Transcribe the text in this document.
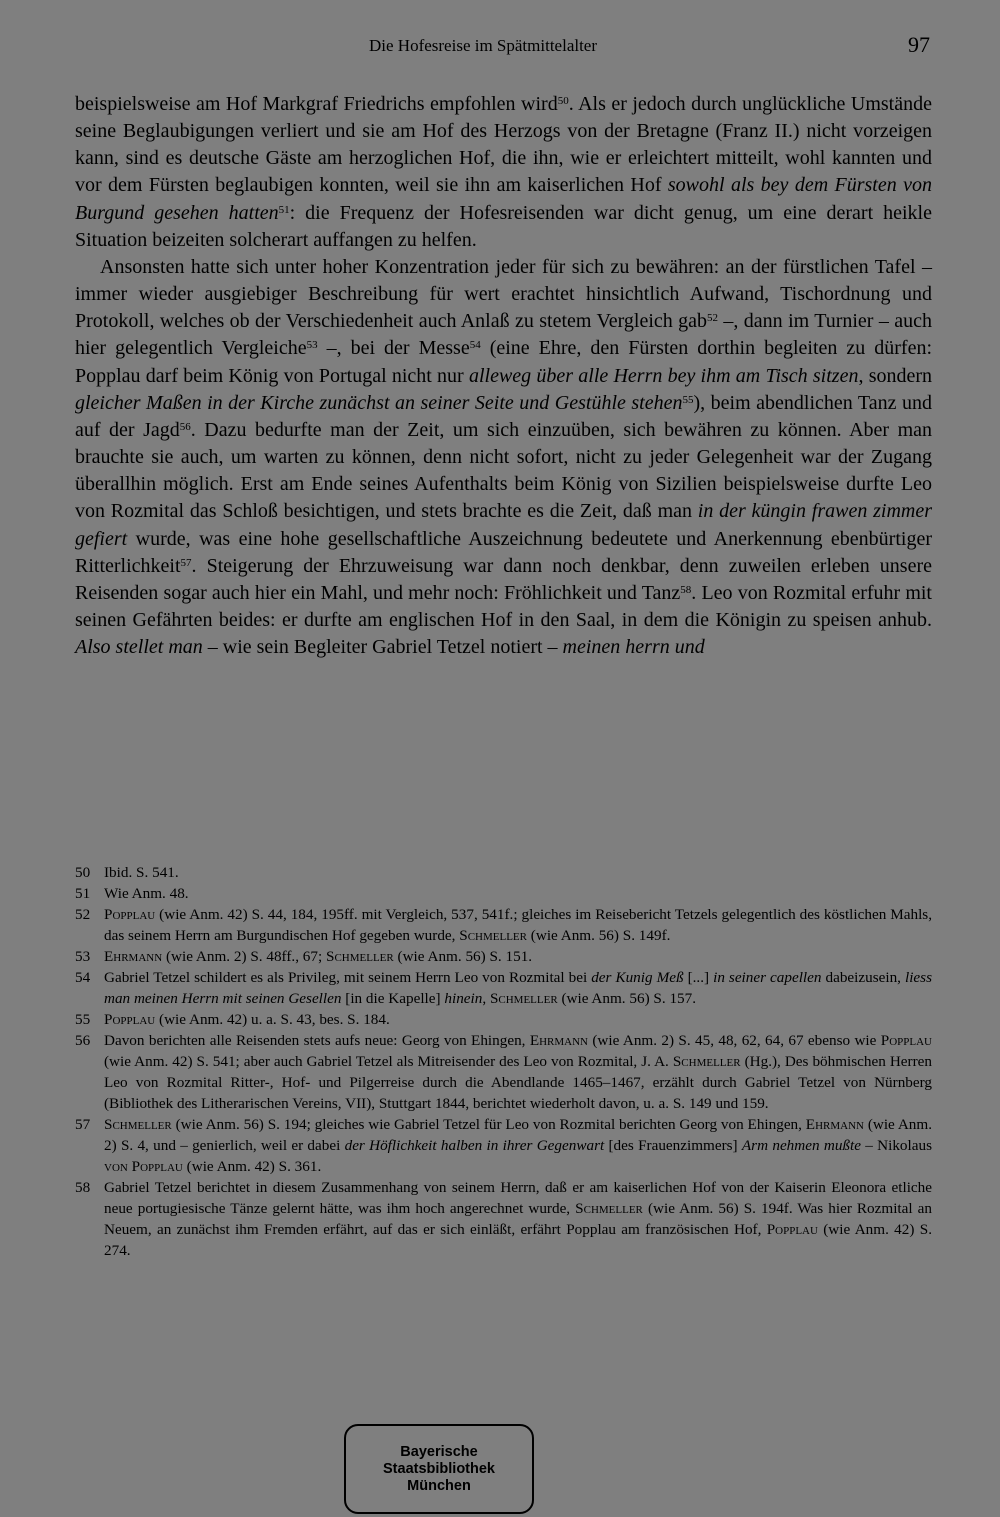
Die Hofesreise im Spätmittelalter	97

beispielsweise am Hof Markgraf Friedrichs empfohlen wird$^{50}$. Als er jedoch durch unglückliche Umstände seine Beglaubigungen verliert und sie am Hof des Herzogs von der Bretagne (Franz II.) nicht vorzeigen kann, sind es deutsche Gäste am herzoglichen Hof, die ihn, wie er erleichtert mitteilt, wohl kannten und vor dem Fürsten beglaubigen konnten, weil sie ihn am kaiserlichen Hof sowohl als bey dem Fürsten von Burgund gesehen hatten$^{51}$: die Frequenz der Hofesreisenden war dicht genug, um eine derart heikle Situation beizeiten solcherart auffangen zu helfen.

Ansonsten hatte sich unter hoher Konzentration jeder für sich zu bewähren: an der fürstlichen Tafel – immer wieder ausgiebiger Beschreibung für wert erachtet hinsichtlich Aufwand, Tischordnung und Protokoll, welches ob der Verschiedenheit auch Anlaß zu stetem Vergleich gab$^{52}$ –, dann im Turnier – auch hier gelegentlich Vergleiche$^{53}$ –, bei der Messe$^{54}$ (eine Ehre, den Fürsten dorthin begleiten zu dürfen: Popplau darf beim König von Portugal nicht nur alleweg über alle Herrn bey ihm am Tisch sitzen, sondern gleicher Maßen in der Kirche zunächst an seiner Seite und Gestühle stehen$^{55}$), beim abendlichen Tanz und auf der Jagd$^{56}$. Dazu bedurfte man der Zeit, um sich einzuüben, sich bewähren zu können. Aber man brauchte sie auch, um warten zu können, denn nicht sofort, nicht zu jeder Gelegenheit war der Zugang überallhin möglich. Erst am Ende seines Aufenthalts beim König von Sizilien beispielsweise durfte Leo von Rozmital das Schloß besichtigen, und stets brachte es die Zeit, daß man in der küngin frawen zimmer gefiert wurde, was eine hohe gesellschaftliche Auszeichnung bedeutete und Anerkennung ebenbürtiger Ritterlichkeit$^{57}$. Steigerung der Ehrzuweisung war dann noch denkbar, denn zuweilen erleben unsere Reisenden sogar auch hier ein Mahl, und mehr noch: Fröhlichkeit und Tanz$^{58}$. Leo von Rozmital erfuhr mit seinen Gefährten beides: er durfte am englischen Hof in den Saal, in dem die Königin zu speisen anhub. Also stellet man – wie sein Begleiter Gabriel Tetzel notiert – meinen herrn und

50 Ibid. S. 541.
51 Wie Anm. 48.
52 Popplau (wie Anm. 42) S. 44, 184, 195ff. mit Vergleich, 537, 541f.; gleiches im Reisebericht Tetzels gelegentlich des köstlichen Mahls, das seinem Herrn am Burgundischen Hof gegeben wurde, Schmeller (wie Anm. 56) S. 149f.
53 Ehrmann (wie Anm. 2) S. 48ff., 67; Schmeller (wie Anm. 56) S. 151.
54 Gabriel Tetzel schildert es als Privileg, mit seinem Herrn Leo von Rozmital bei der Kunig Meß [...] in seiner capellen dabeizusein, liess man meinen Herrn mit seinen Gesellen [in die Kapelle] hinein, Schmeller (wie Anm. 56) S. 157.
55 Popplau (wie Anm. 42) u. a. S. 43, bes. S. 184.
56 Davon berichten alle Reisenden stets aufs neue: Georg von Ehingen, Ehrmann (wie Anm. 2) S. 45, 48, 62, 64, 67 ebenso wie Popplau (wie Anm. 42) S. 541; aber auch Gabriel Tetzel als Mitreisender des Leo von Rozmital, J. A. Schmeller (Hg.), Des böhmischen Herren Leo von Rozmital Ritter-, Hof- und Pilgerreise durch die Abendlande 1465–1467, erzählt durch Gabriel Tetzel von Nürnberg (Bibliothek des Litherarischen Vereins, VII), Stuttgart 1844, berichtet wiederholt davon, u. a. S. 149 und 159.
57 Schmeller (wie Anm. 56) S. 194; gleiches wie Gabriel Tetzel für Leo von Rozmital berichten Georg von Ehingen, Ehrmann (wie Anm. 2) S. 4, und – genierlich, weil er dabei der Höflichkeit halben in ihrer Gegenwart [des Frauenzimmers] Arm nehmen mußte – Nikolaus von Popplau (wie Anm. 42) S. 361.
58 Gabriel Tetzel berichtet in diesem Zusammenhang von seinem Herrn, daß er am kaiserlichen Hof von der Kaiserin Eleonora etliche neue portugiesische Tänze gelernt hätte, was ihm hoch angerechnet wurde, Schmeller (wie Anm. 56) S. 194f. Was hier Rozmital an Neuem, an zunächst ihm Fremden erfährt, auf das er sich einläßt, erfährt Popplau am französischen Hof, Popplau (wie Anm. 42) S. 274.
Bayerische
Staatsbibliothek
München
